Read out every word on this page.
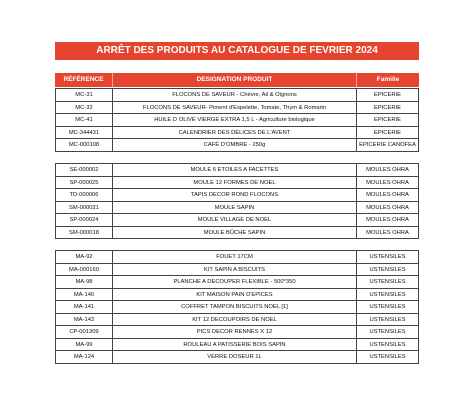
ARRÊT DES PRODUITS AU CATALOGUE DE FEVRIER 2024
RÉFÉRENCE	DESIGNATION PRODUIT	Famille
MC-31	FLOCONS DE SAVEUR - Chèvre, Ail & Oignons	EPICERIE
MC-32	FLOCONS DE SAVEUR- Piment d'Espelette, Tomate, Thym & Romarin	EPICERIE
MC-41	HUILE D OLIVE VIERGE EXTRA 1,5 L - Agriculture biologique	EPICERIE
MC-344431	CALENDRIER DES DÉLICES DE L'AVENT	EPICERIE
MC-000108	CAFÉ D'OMBRE - 250g	EPICERIE CANOFEA
SE-000002	MOULE 6 ETOILES A FACETTES	MOULES OHRA
SP-000025	MOULE 12 FORMES DE NOEL	MOULES OHRA
TD-000006	TAPIS DECOR ROND FLOCONS	MOULES OHRA
SM-000021	MOULE SAPIN	MOULES OHRA
SP-000024	MOULE VILLAGE DE NOEL	MOULES OHRA
SM-000018	MOULE BÛCHE SAPIN	MOULES OHRA
MA-92	FOUET 17CM	USTENSILES
MA-000160	KIT SAPIN A BISCUITS	USTENSILES
MA-98	PLANCHE A DECOUPER FLEXIBLE - 500*350	USTENSILES
MA-140	KIT MAISON PAIN D'EPICES	USTENSILES
MA-141	COFFRET TAMPON BISCUITS NOEL [1]	USTENSILES
MA-143	KIT 12 DECOUPOIRS DE NOEL	USTENSILES
CP-001309	PICS DECOR RENNES X 12	USTENSILES
MA-99	ROULEAU A PATISSERIE BOIS SAPIN	USTENSILES
MA-124	VERRE DOSEUR 1L	USTENSILES
